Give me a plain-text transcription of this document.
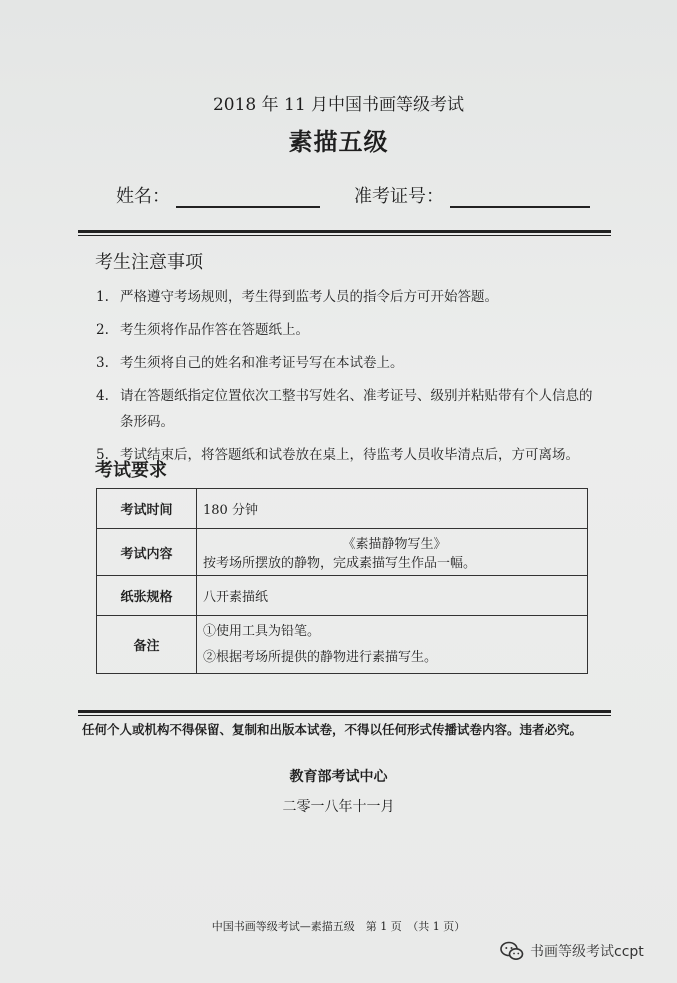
2018 年 11 月中国书画等级考试
素描五级
姓名：	准考证号：
考生注意事项
1. 严格遵守考场规则，考生得到监考人员的指令后方可开始答题。
2. 考生须将作品作答在答题纸上。
3. 考生须将自己的姓名和准考证号写在本试卷上。
4. 请在答题纸指定位置依次工整书写姓名、准考证号、级别并粘贴带有个人信息的条形码。
5. 考试结束后，将答题纸和试卷放在桌上，待监考人员收毕清点后，方可离场。
考试要求
考试时间	180 分钟
考试内容	《素描静物写生》
按考场所摆放的静物，完成素描写生作品一幅。

纸张规格	八开素描纸
备注	①使用工具为铅笔。
②根据考场所提供的静物进行素描写生。
任何个人或机构不得保留、复制和出版本试卷，不得以任何形式传播试卷内容。违者必究。
教育部考试中心
二零一八年十一月
中国书画等级考试—素描五级　第 1 页　（共 1 页）
书画等级考试ccpt
